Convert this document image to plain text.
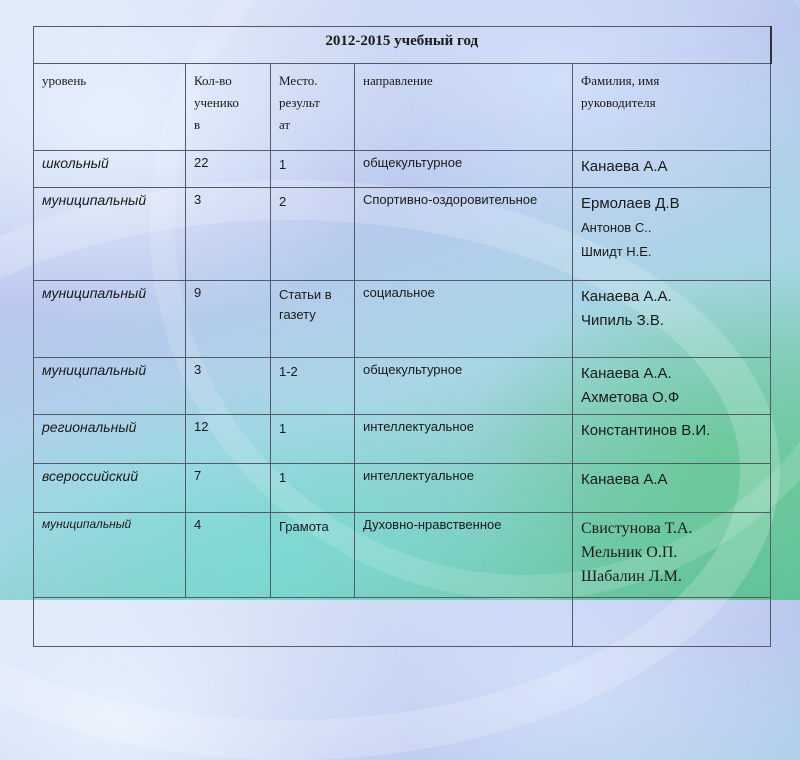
2012-2015 учебный год				
уровень	Кол-во
ученико
в	Место.
результ
ат	направление	Фамилия, имя
руководителя
школьный	22	1	общекультурное	Канаева А.А

муниципальный	3	2	Спортивно-оздоровительное	Ермолаев Д.В
Антонов С..
Шмидт Н.Е.

муниципальный	9	Статьи в
газету	социальное	Канаева А.А.
Чипиль З.В.

муниципальный	3	1-2	общекультурное	Канаева А.А.
Ахметова О.Ф

региональный	12	1	интеллектуальное	Константинов В.И.

всероссийский	7	1	интеллектуальное	Канаева А.А

муниципальный	4	Грамота	Духовно-нравственное	Свистунова Т.А.
Мельник О.П.
Шабалин Л.М.
